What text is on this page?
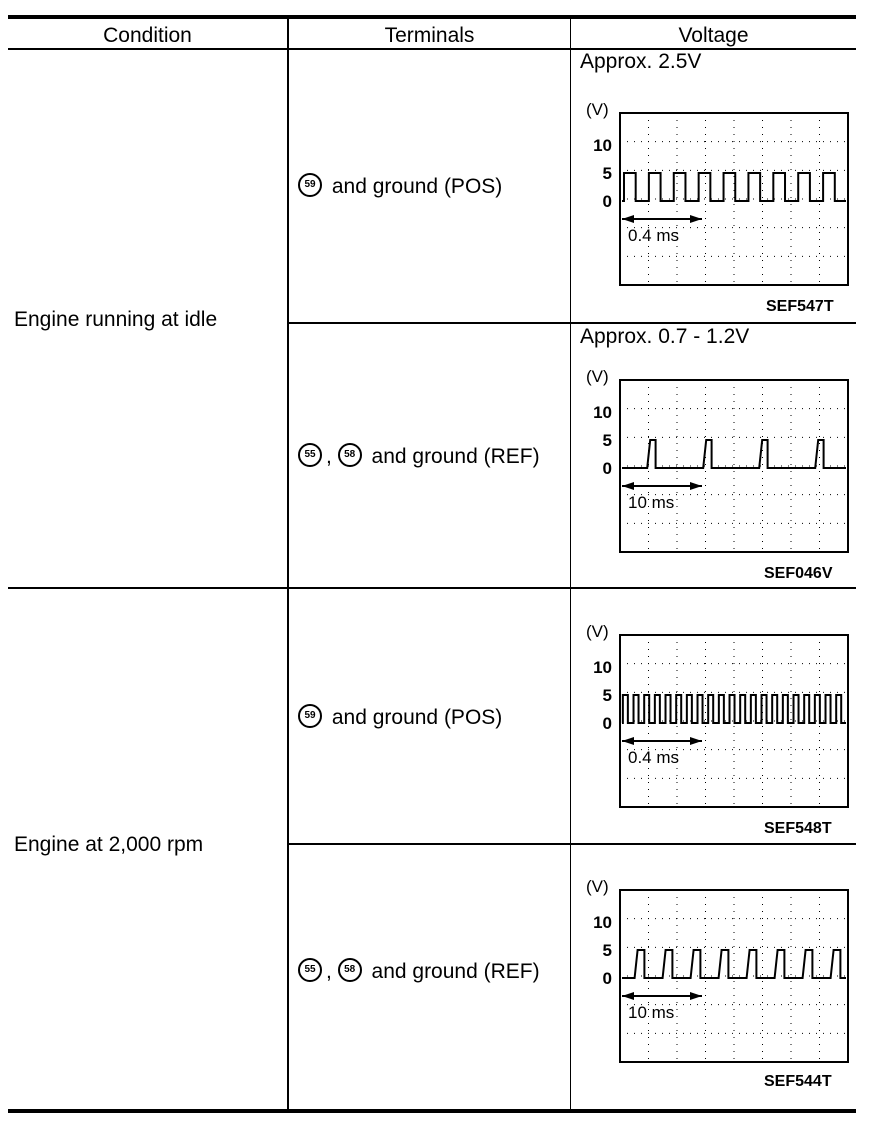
Condition	Terminals	Voltage
Engine running at idle
Engine at 2,000 rpm
59 and ground (POS)
Approx. 2.5V
(V)
10
5
0
0.4 ms
SEF547T
55 , 58 and ground (REF)
Approx. 0.7 - 1.2V
(V)
10
5
0
10 ms
SEF046V
59 and ground (POS)
(V)
10
5
0
0.4 ms
SEF548T
55 , 58 and ground (REF)
(V)
10
5
0
10 ms
SEF544T
